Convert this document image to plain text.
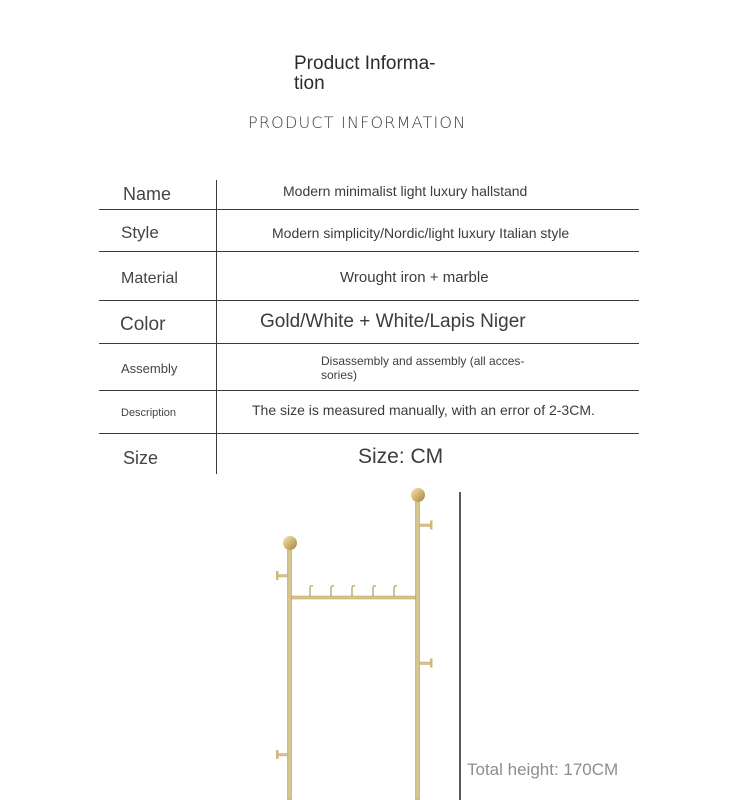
Product Informa-
tion
PRODUCT INFORMATION
Name	Modern minimalist light luxury hallstand
Style	Modern simplicity/Nordic/light luxury Italian style
Material	Wrought iron + marble
Color	Gold/White + White/Lapis Niger
Assembly	Disassembly and assembly (all acces-
sories)
Description	The size is measured manually, with an error of 2-3CM.
Size	Size: CM
Total height: 170CM
